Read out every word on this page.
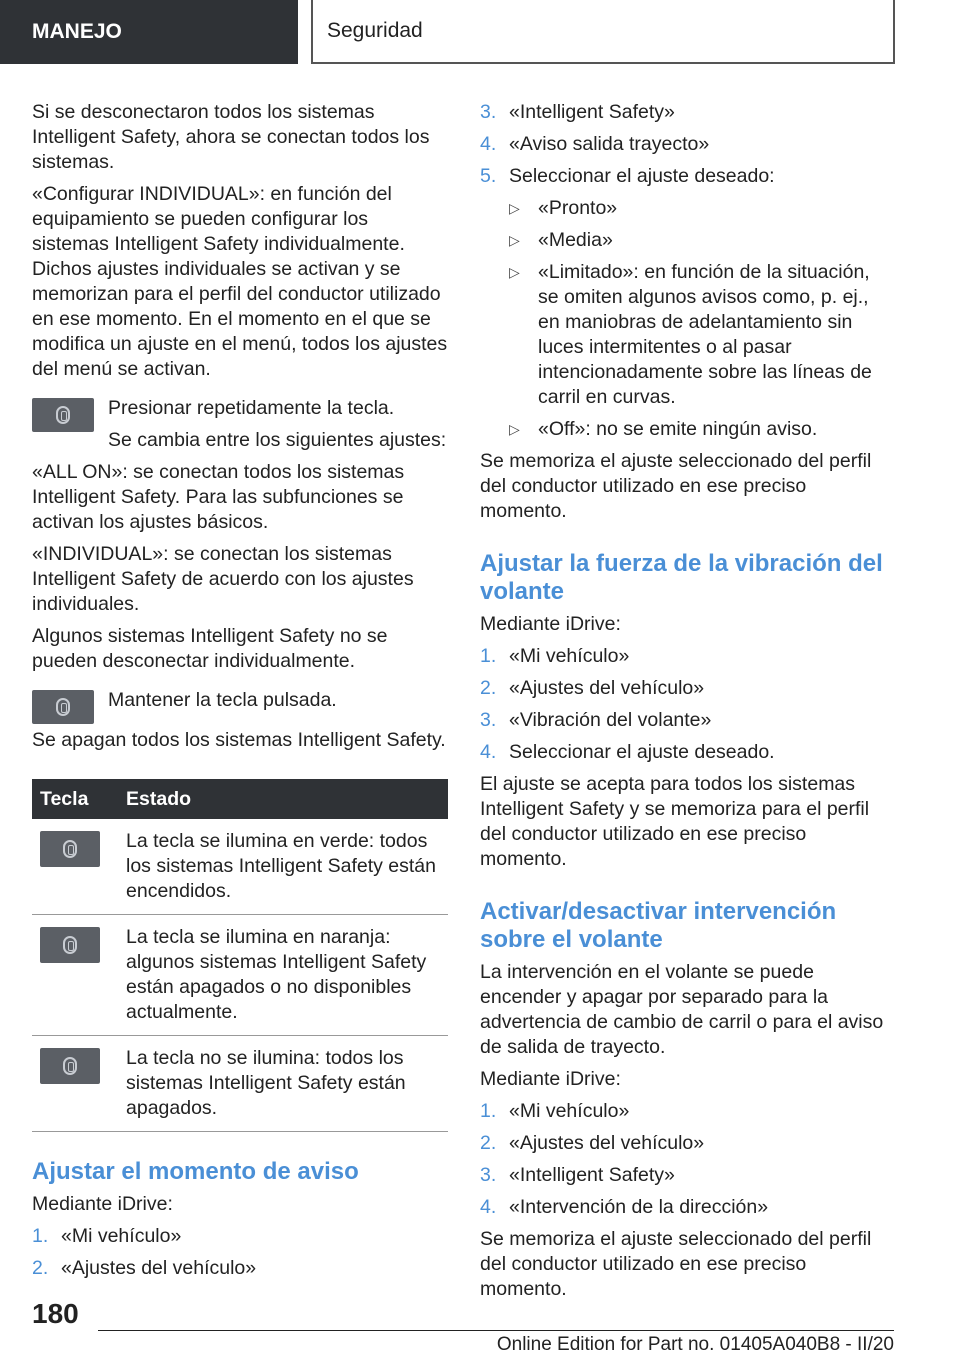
MANEJO	Seguridad

Si se desconectaron todos los sistemas Intelligent Safety, ahora se conectan todos los sistemas.

«Configurar INDIVIDUAL»: en función del equipamiento se pueden configurar los sistemas Intelligent Safety individualmente. Dichos ajustes individuales se activan y se memorizan para el perfil del conductor utilizado en ese momento. En el momento en el que se modifica un ajuste en el menú, todos los ajustes del menú se activan.

Presionar repetidamente la tecla.

Se cambia entre los siguientes ajustes:

«ALL ON»: se conectan todos los sistemas Intelligent Safety. Para las subfunciones se activan los ajustes básicos.

«INDIVIDUAL»: se conectan los sistemas Intelligent Safety de acuerdo con los ajustes individuales.

Algunos sistemas Intelligent Safety no se pueden desconectar individualmente.

Mantener la tecla pulsada.

Se apagan todos los sistemas Intelligent Safety.

Tecla	Estado

	La tecla se ilumina en verde: todos los sistemas Intelligent Safety están encendidos.

	La tecla se ilumina en naranja: algunos sistemas Intelligent Safety están apagados o no disponibles actualmente.

	La tecla no se ilumina: todos los sistemas Intelligent Safety están apagados.
Ajustar el momento de aviso

Mediante iDrive:

1. «Mi vehículo»
2. «Ajustes del vehículo»
3. «Intelligent Safety»
4. «Aviso salida trayecto»
5. Seleccionar el ajuste deseado:
▷ «Pronto»
▷ «Media»
▷ «Limitado»: en función de la situación, se omiten algunos avisos como, p. ej., en maniobras de adelantamiento sin luces intermitentes o al pasar intencionadamente sobre las líneas de carril en curvas.
▷ «Off»: no se emite ningún aviso.

Se memoriza el ajuste seleccionado del perfil del conductor utilizado en ese preciso momento.

Ajustar la fuerza de la vibración del volante

Mediante iDrive:

1. «Mi vehículo»
2. «Ajustes del vehículo»
3. «Vibración del volante»
4. Seleccionar el ajuste deseado.

El ajuste se acepta para todos los sistemas Intelligent Safety y se memoriza para el perfil del conductor utilizado en ese preciso momento.

Activar/desactivar intervención sobre el volante

La intervención en el volante se puede encender y apagar por separado para la advertencia de cambio de carril o para el aviso de salida de trayecto.

Mediante iDrive:

1. «Mi vehículo»
2. «Ajustes del vehículo»
3. «Intelligent Safety»
4. «Intervención de la dirección»

Se memoriza el ajuste seleccionado del perfil del conductor utilizado en ese preciso momento.

180
Online Edition for Part no. 01405A040B8 - II/20
